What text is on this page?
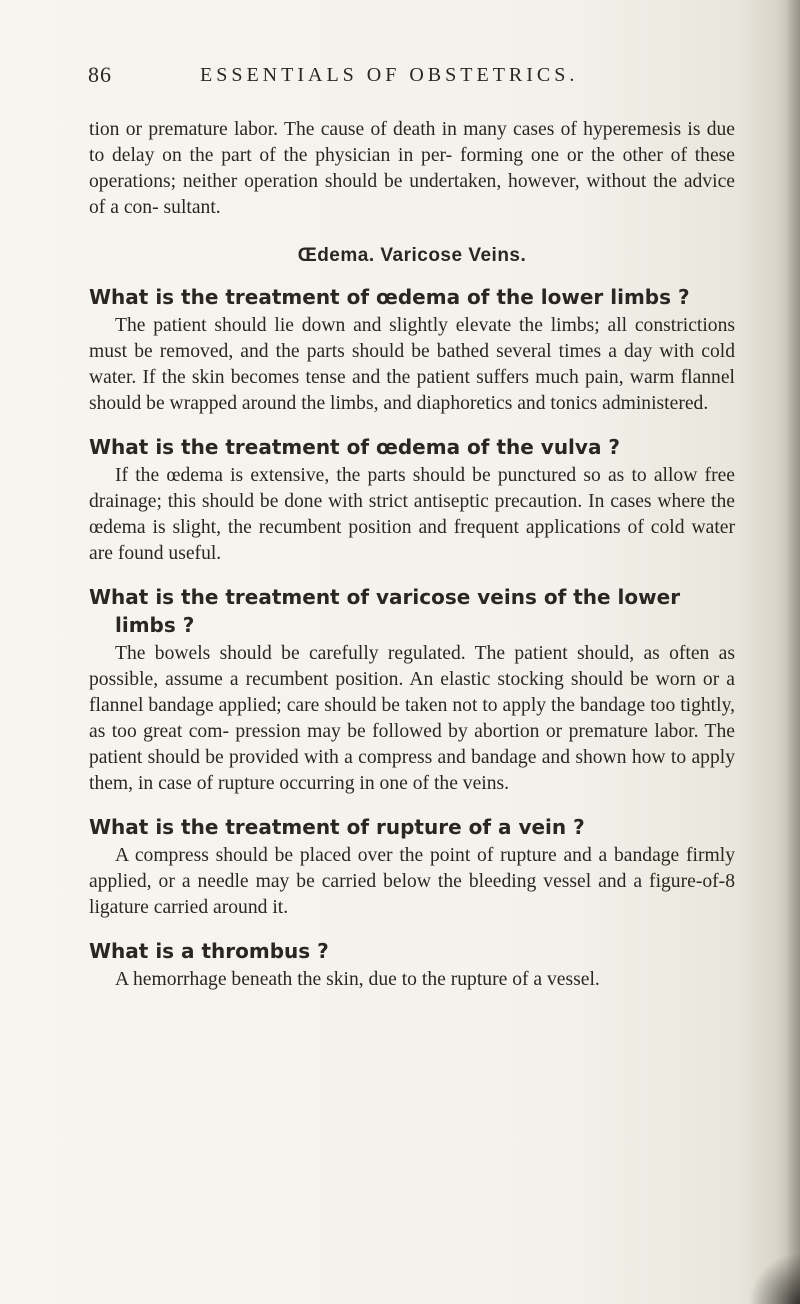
86	ESSENTIALS OF OBSTETRICS.

tion or premature labor. The cause of death in many cases of hyperemesis is due to delay on the part of the physician in per- forming one or the other of these operations; neither operation should be undertaken, however, without the advice of a con- sultant.

Œdema. Varicose Veins.

What is the treatment of œdema of the lower limbs ?

The patient should lie down and slightly elevate the limbs; all constrictions must be removed, and the parts should be bathed several times a day with cold water. If the skin becomes tense and the patient suffers much pain, warm flannel should be wrapped around the limbs, and diaphoretics and tonics administered.

What is the treatment of œdema of the vulva ?

If the œdema is extensive, the parts should be punctured so as to allow free drainage; this should be done with strict antiseptic precaution. In cases where the œdema is slight, the recumbent position and frequent applications of cold water are found useful.

What is the treatment of varicose veins of the lower limbs ?

The bowels should be carefully regulated. The patient should, as often as possible, assume a recumbent position. An elastic stocking should be worn or a flannel bandage applied; care should be taken not to apply the bandage too tightly, as too great com- pression may be followed by abortion or premature labor. The patient should be provided with a compress and bandage and shown how to apply them, in case of rupture occurring in one of the veins.

What is the treatment of rupture of a vein ?

A compress should be placed over the point of rupture and a bandage firmly applied, or a needle may be carried below the bleeding vessel and a figure-of-8 ligature carried around it.

What is a thrombus ?

A hemorrhage beneath the skin, due to the rupture of a vessel.
